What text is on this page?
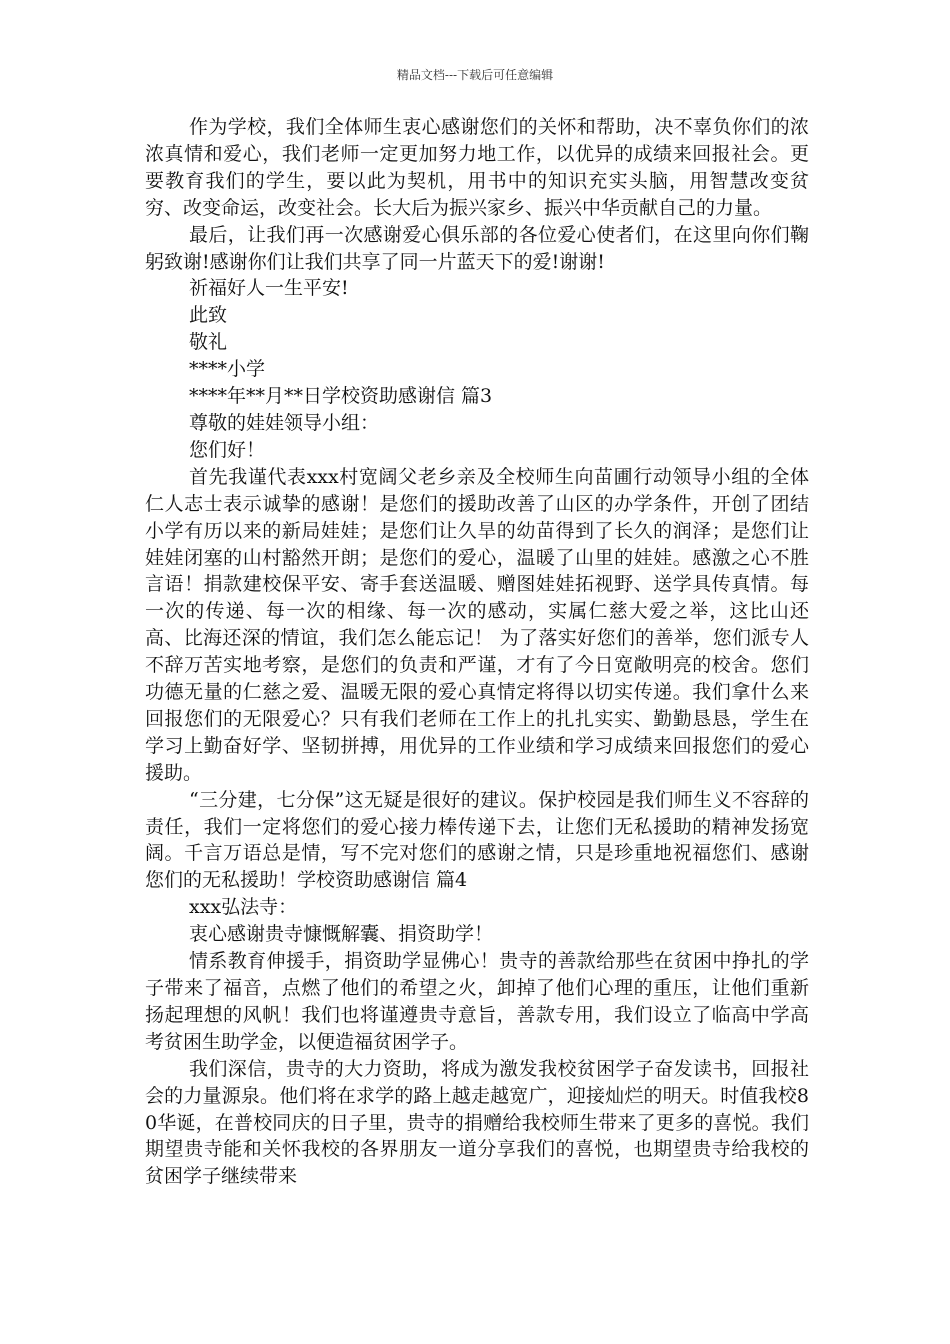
精品文档---下载后可任意编辑

作为学校，我们全体师生衷心感谢您们的关怀和帮助，决不辜负你们的浓浓真情和爱心，我们老师一定更加努力地工作，以优异的成绩来回报社会。更要教育我们的学生，要以此为契机，用书中的知识充实头脑，用智慧改变贫穷、改变命运，改变社会。长大后为振兴家乡、振兴中华贡献自己的力量。

最后，让我们再一次感谢爱心俱乐部的各位爱心使者们，在这里向你们鞠躬致谢!感谢你们让我们共享了同一片蓝天下的爱!谢谢!

祈福好人一生平安!

此致

敬礼

****小学

****年**月**日学校资助感谢信 篇3

尊敬的娃娃领导小组：

您们好！

首先我谨代表xxx村宽阔父老乡亲及全校师生向苗圃行动领导小组的全体仁人志士表示诚挚的感谢！是您们的援助改善了山区的办学条件，开创了团结小学有历以来的新局娃娃；是您们让久旱的幼苗得到了长久的润泽；是您们让娃娃闭塞的山村豁然开朗；是您们的爱心，温暖了山里的娃娃。感激之心不胜言语！捐款建校保平安、寄手套送温暖、赠图娃娃拓视野、送学具传真情。每一次的传递、每一次的相缘、每一次的感动，实属仁慈大爱之举，这比山还高、比海还深的情谊，我们怎么能忘记！ 为了落实好您们的善举，您们派专人不辞万苦实地考察，是您们的负责和严谨，才有了今日宽敞明亮的校舍。您们功德无量的仁慈之爱、温暖无限的爱心真情定将得以切实传递。我们拿什么来回报您们的无限爱心？只有我们老师在工作上的扎扎实实、勤勤恳恳，学生在学习上勤奋好学、坚韧拼搏，用优异的工作业绩和学习成绩来回报您们的爱心援助。

“三分建，七分保”这无疑是很好的建议。保护校园是我们师生义不容辞的责任，我们一定将您们的爱心接力棒传递下去，让您们无私援助的精神发扬宽阔。千言万语总是情，写不完对您们的感谢之情，只是珍重地祝福您们、感谢您们的无私援助！学校资助感谢信 篇4

xxx弘法寺：

衷心感谢贵寺慷慨解囊、捐资助学！

情系教育伸援手，捐资助学显佛心！贵寺的善款给那些在贫困中挣扎的学子带来了福音，点燃了他们的希望之火，卸掉了他们心理的重压，让他们重新扬起理想的风帆！我们也将谨遵贵寺意旨，善款专用，我们设立了临高中学高考贫困生助学金，以便造福贫困学子。

我们深信，贵寺的大力资助，将成为激发我校贫困学子奋发读书，回报社会的力量源泉。他们将在求学的路上越走越宽广，迎接灿烂的明天。时值我校80华诞，在普校同庆的日子里，贵寺的捐赠给我校师生带来了更多的喜悦。我们期望贵寺能和关怀我校的各界朋友一道分享我们的喜悦，也期望贵寺给我校的贫困学子继续带来
